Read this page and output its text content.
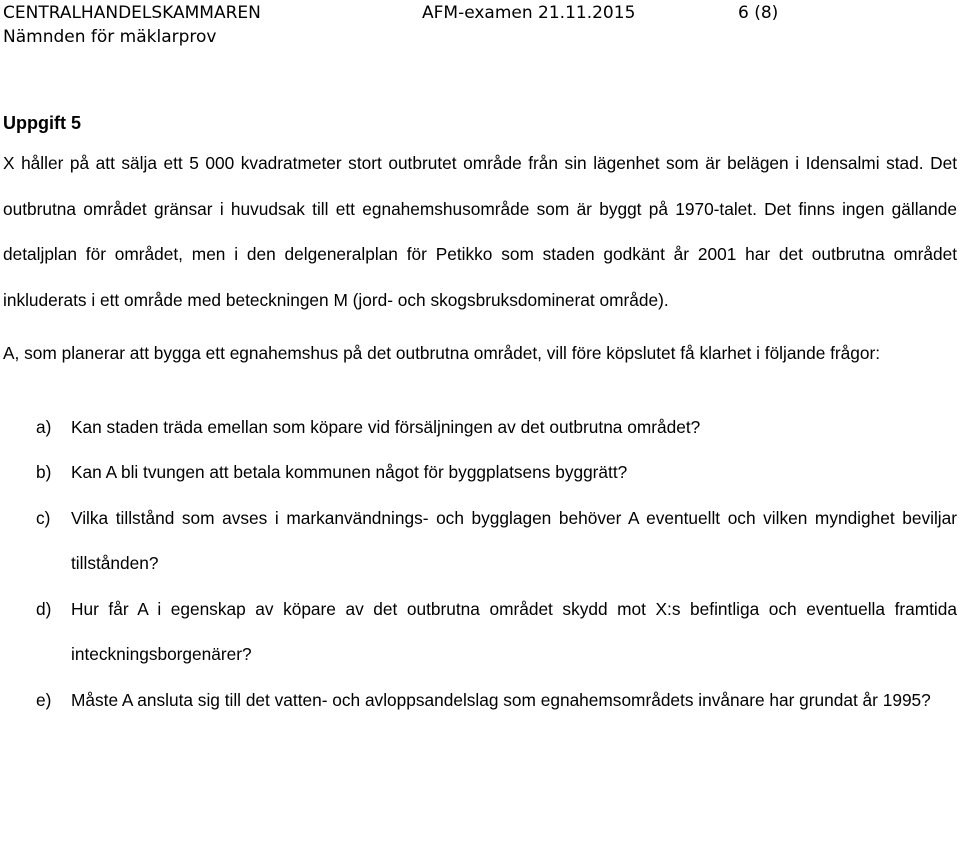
CENTRALHANDELSKAMMAREN	AFM-examen 21.11.2015	6 (8)
Nämnden för mäklarprov
Uppgift 5

X håller på att sälja ett 5 000 kvadratmeter stort outbrutet område från sin lägenhet som är belägen i Idensalmi stad. Det outbrutna området gränsar i huvudsak till ett egnahemshusområde som är byggt på 1970-talet. Det finns ingen gällande detaljplan för området, men i den delgeneralplan för Petikko som staden godkänt år 2001 har det outbrutna området inkluderats i ett område med beteckningen M (jord- och skogsbruksdominerat område).

A, som planerar att bygga ett egnahemshus på det outbrutna området, vill före köpslutet få klarhet i följande frågor:

a)	Kan staden träda emellan som köpare vid försäljningen av det outbrutna området?
b)	Kan A bli tvungen att betala kommunen något för byggplatsens byggrätt?
c)	Vilka tillstånd som avses i markanvändnings- och bygglagen behöver A eventuellt och vilken myndighet beviljar tillstånden?
d)	Hur får A i egenskap av köpare av det outbrutna området skydd mot X:s befintliga och eventuella framtida inteckningsborgenärer?
e)	Måste A ansluta sig till det vatten- och avloppsandelslag som egnahemsområdets invånare har grundat år 1995?
